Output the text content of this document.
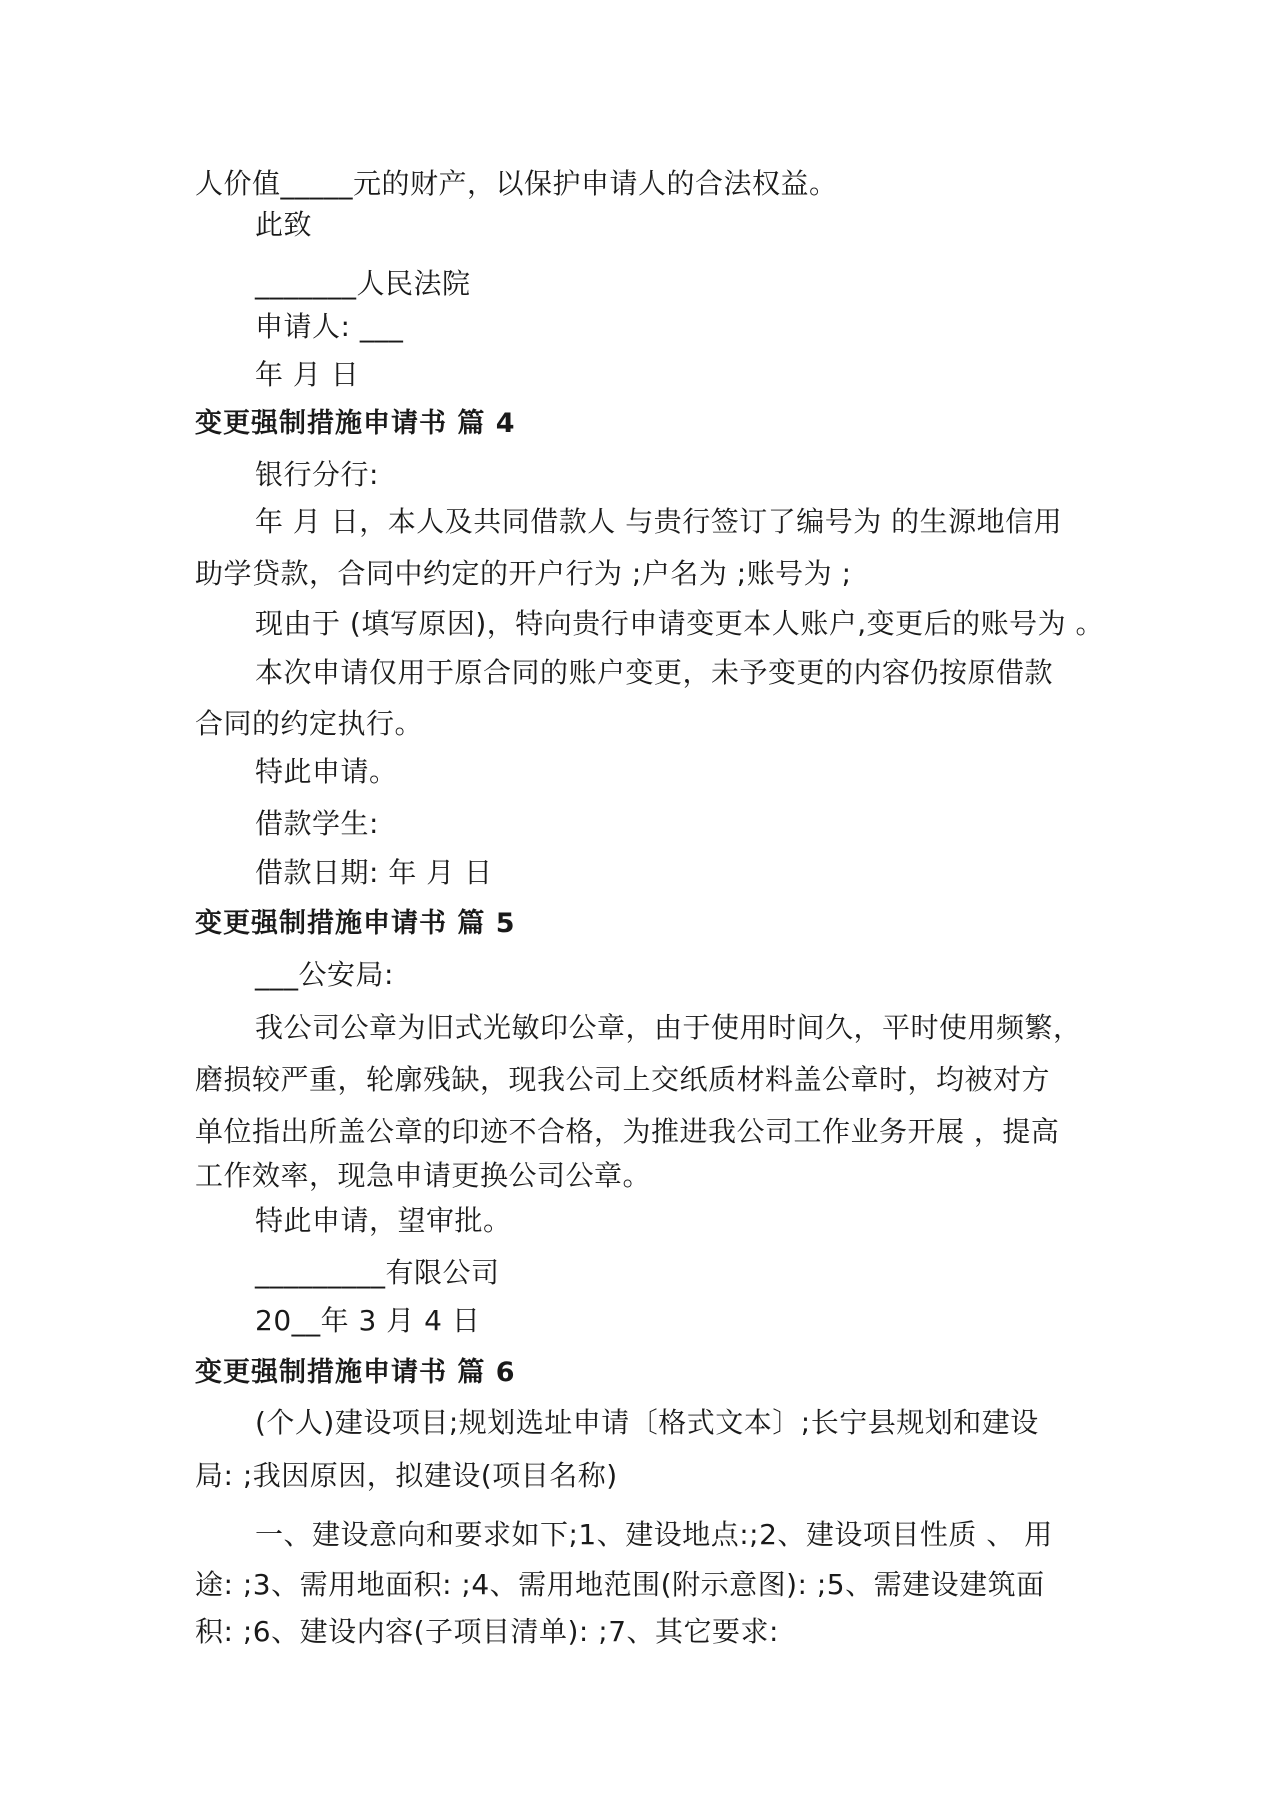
人价值_____元的财产，以保护申请人的合法权益。
此致
_______人民法院
申请人: ___
年 月 日
变更强制措施申请书 篇 4
银行分行:
年 月 日，本人及共同借款人 与贵行签订了编号为 的生源地信用
助学贷款，合同中约定的开户行为 ;户名为 ;账号为 ;
现由于 (填写原因)，特向贵行申请变更本人账户,变更后的账号为 。
本次申请仅用于原合同的账户变更，未予变更的内容仍按原借款
合同的约定执行。
特此申请。
借款学生:
借款日期: 年 月 日
变更强制措施申请书 篇 5
___公安局:
我公司公章为旧式光敏印公章，由于使用时间久，平时使用频繁，
磨损较严重，轮廓残缺，现我公司上交纸质材料盖公章时，均被对方
单位指出所盖公章的印迹不合格，为推进我公司工作业务开展 ，提高
工作效率，现急申请更换公司公章。
特此申请，望审批。
_________有限公司
20__年 3 月 4 日
变更强制措施申请书 篇 6
(个人)建设项目;规划选址申请〔格式文本〕;长宁县规划和建设
局: ;我因原因，拟建设(项目名称)
一、建设意向和要求如下;1、建设地点:;2、建设项目性质 、 用
途: ;3、需用地面积: ;4、需用地范围(附示意图): ;5、需建设建筑面
积: ;6、建设内容(子项目清单): ;7、其它要求:
